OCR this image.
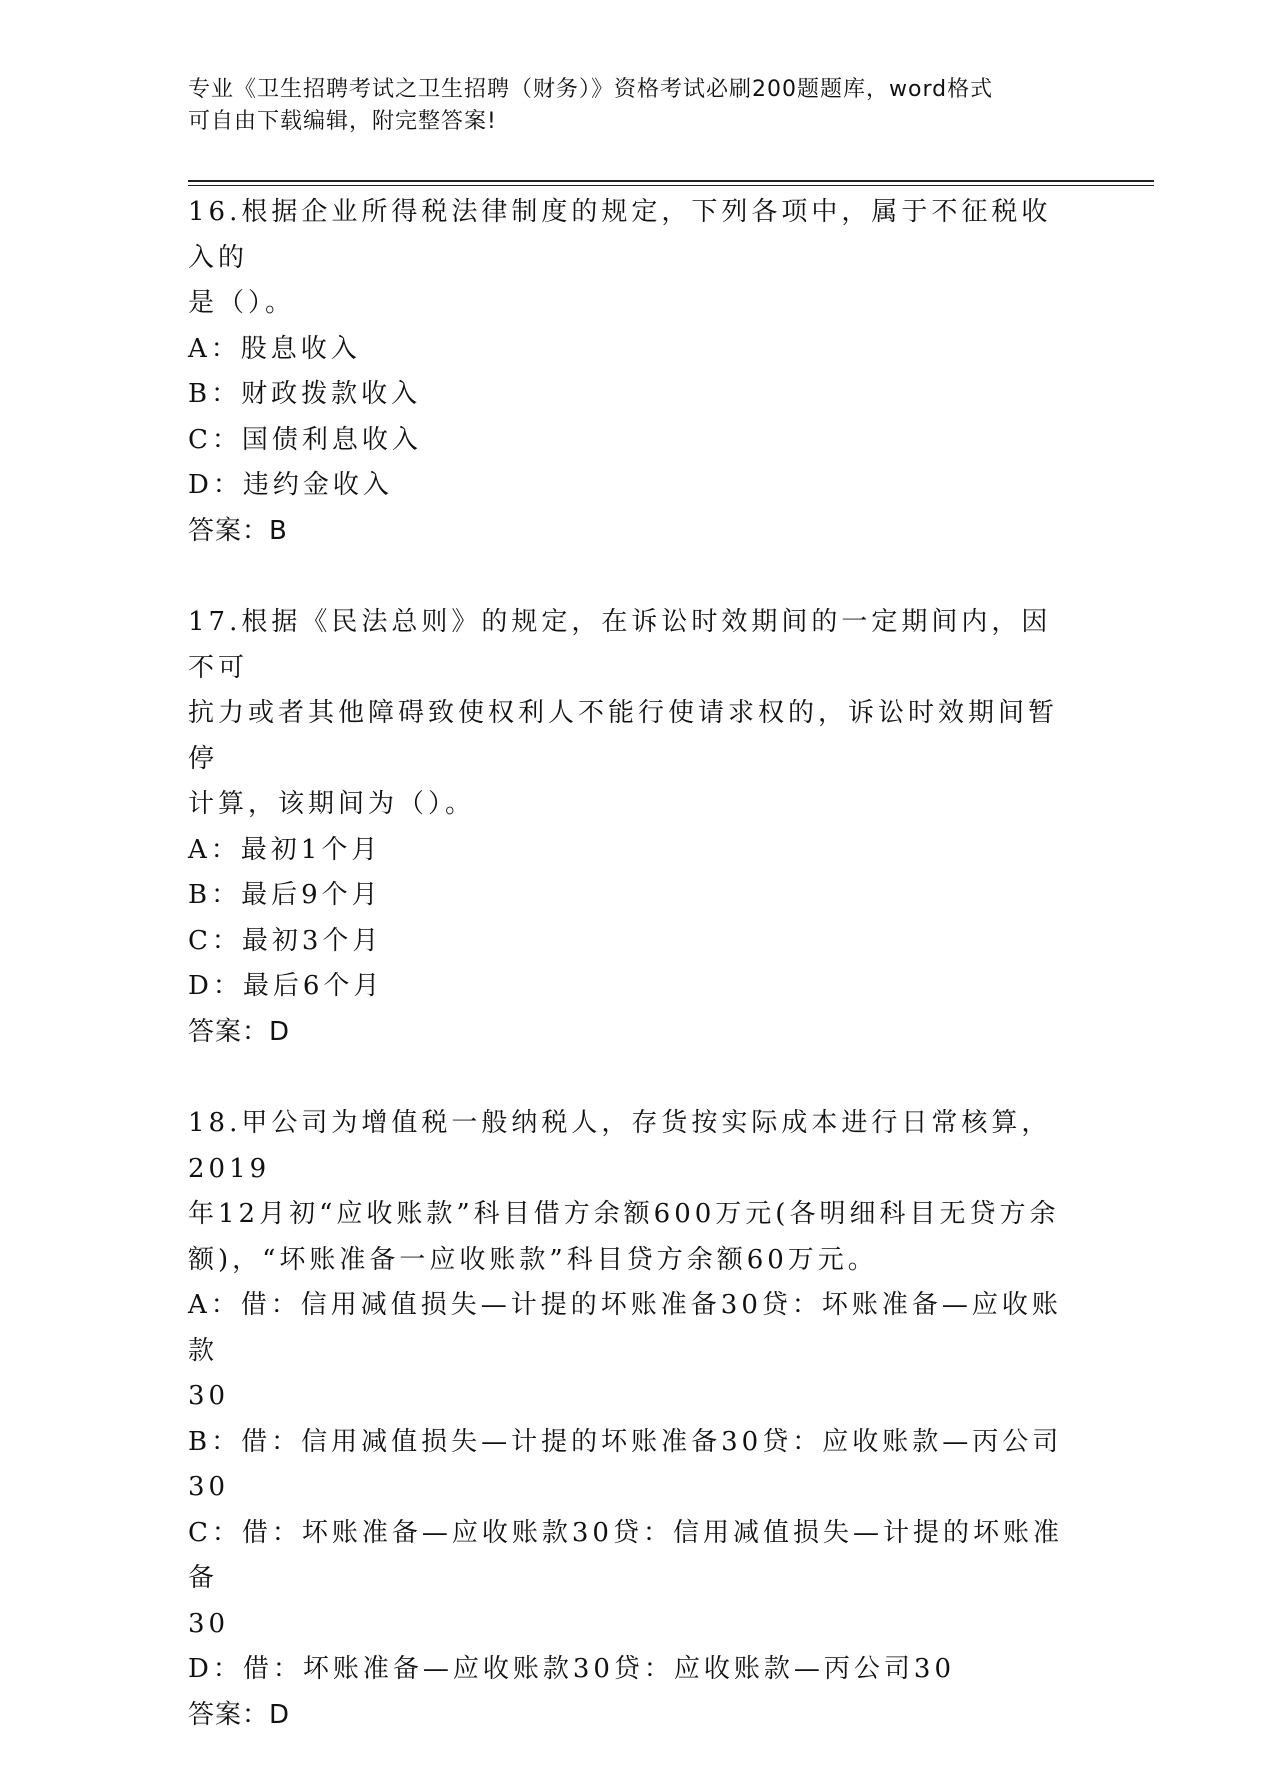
专业《卫生招聘考试之卫生招聘（财务）》资格考试必刷200题题库，word格式
可自由下载编辑，附完整答案!
16.根据企业所得税法律制度的规定，下列各项中，属于不征税收入的
是（）。
A：股息收入
B：财政拨款收入
C：国债利息收入
D：违约金收入
答案：B
17.根据《民法总则》的规定，在诉讼时效期间的一定期间内，因不可
抗力或者其他障碍致使权利人不能行使请求权的，诉讼时效期间暂停
计算，该期间为（）。
A：最初1个月
B：最后9个月
C：最初3个月
D：最后6个月
答案：D
18.甲公司为增值税一般纳税人，存货按实际成本进行日常核算，2019
年12月初“应收账款”科目借方余额600万元(各明细科目无贷方余
额)，“坏账准备一应收账款”科目贷方余额60万元。
A：借：信用减值损失—计提的坏账准备30贷：坏账准备—应收账款
30
B：借：信用减值损失—计提的坏账准备30贷：应收账款—丙公司30
C：借：坏账准备—应收账款30贷：信用减值损失—计提的坏账准备
30
D：借：坏账准备—应收账款30贷：应收账款—丙公司30
答案：D
